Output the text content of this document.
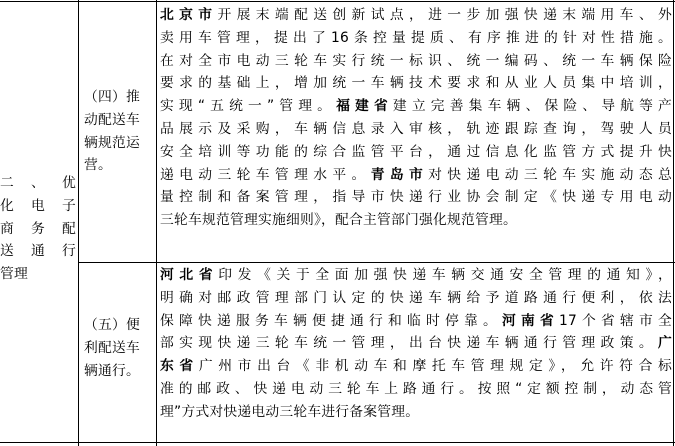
二、优
化电子
商务配
送通行
管理
（四）推
动配送车
辆规范运
营。
北京市开展末端配送创新试点，进一步加强快递末端用车、外
卖用车管理，提出了16条控量提质、有序推进的针对性措施。
在对全市电动三轮车实行统一标识、统一编码、统一车辆保险
要求的基础上，增加统一车辆技术要求和从业人员集中培训，
实现“五统一”管理。福建省建立完善集车辆、保险、导航等产
品展示及采购，车辆信息录入审核，轨迹跟踪查询，驾驶人员
安全培训等功能的综合监管平台，通过信息化监管方式提升快
递电动三轮车管理水平。青岛市对快递电动三轮车实施动态总
量控制和备案管理，指导市快递行业协会制定《快递专用电动
三轮车规范管理实施细则》，配合主管部门强化规范管理。
（五）便
利配送车
辆通行。
河北省印发《关于全面加强快递车辆交通安全管理的通知》，
明确对邮政管理部门认定的快递车辆给予道路通行便利，依法
保障快递服务车辆便捷通行和临时停靠。河南省17个省辖市全
部实现快递三轮车统一管理，出台快递车辆通行管理政策。广
东省广州市出台《非机动车和摩托车管理规定》，允许符合标
准的邮政、快递电动三轮车上路通行。按照“定额控制，动态管
理”方式对快递电动三轮车进行备案管理。
